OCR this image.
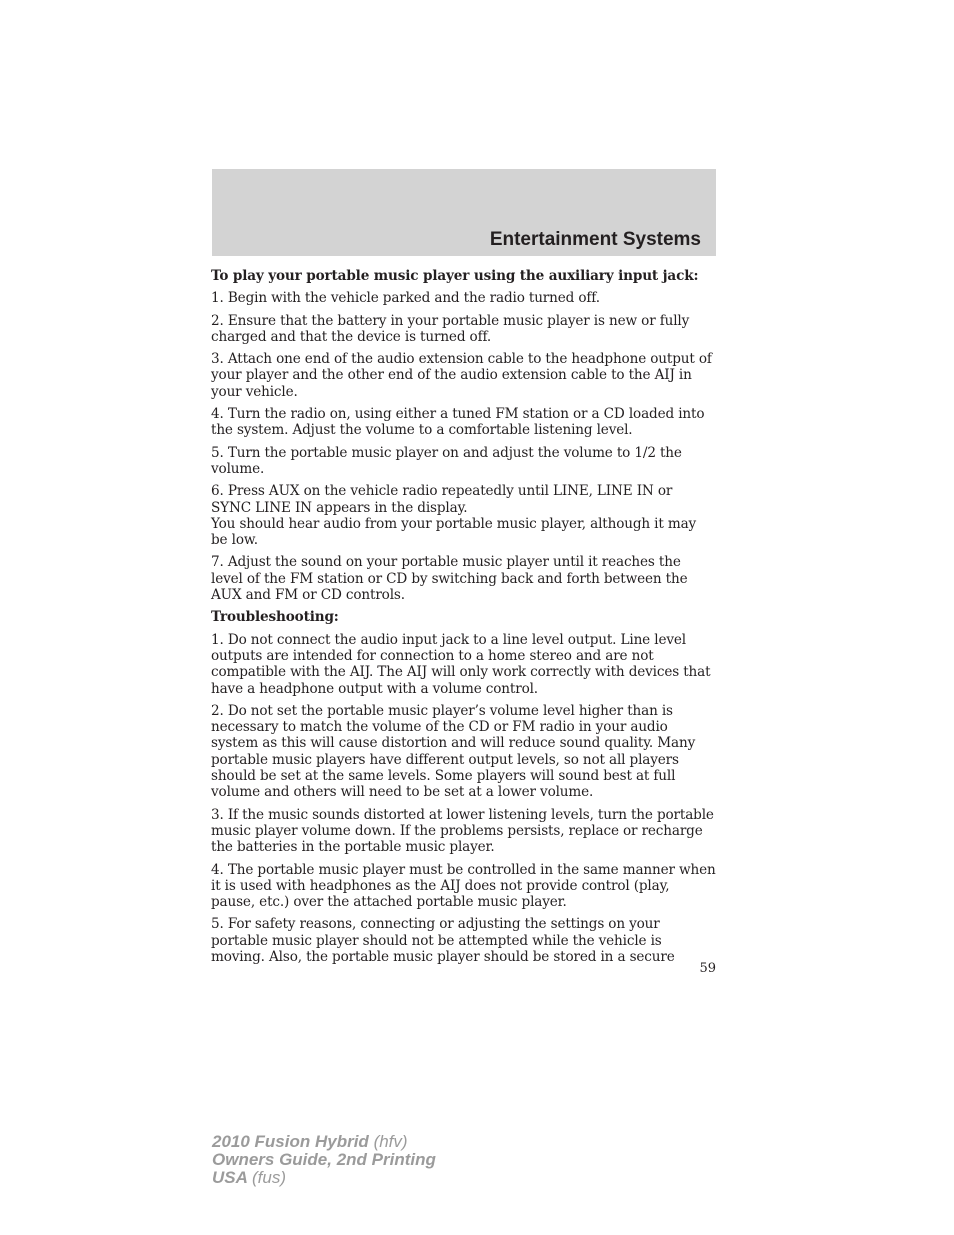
Entertainment Systems

To play your portable music player using the auxiliary input jack:

1. Begin with the vehicle parked and the radio turned off.

2. Ensure that the battery in your portable music player is new or fully charged and that the device is turned off.

3. Attach one end of the audio extension cable to the headphone output of your player and the other end of the audio extension cable to the AIJ in your vehicle.

4. Turn the radio on, using either a tuned FM station or a CD loaded into the system. Adjust the volume to a comfortable listening level.

5. Turn the portable music player on and adjust the volume to 1/2 the volume.

6. Press AUX on the vehicle radio repeatedly until LINE, LINE IN or SYNC LINE IN appears in the display.

You should hear audio from your portable music player, although it may be low.

7. Adjust the sound on your portable music player until it reaches the level of the FM station or CD by switching back and forth between the AUX and FM or CD controls.

Troubleshooting:

1. Do not connect the audio input jack to a line level output. Line level outputs are intended for connection to a home stereo and are not compatible with the AIJ. The AIJ will only work correctly with devices that have a headphone output with a volume control.

2. Do not set the portable music player’s volume level higher than is necessary to match the volume of the CD or FM radio in your audio system as this will cause distortion and will reduce sound quality. Many portable music players have different output levels, so not all players should be set at the same levels. Some players will sound best at full volume and others will need to be set at a lower volume.

3. If the music sounds distorted at lower listening levels, turn the portable music player volume down. If the problems persists, replace or recharge the batteries in the portable music player.

4. The portable music player must be controlled in the same manner when it is used with headphones as the AIJ does not provide control (play, pause, etc.) over the attached portable music player.

5. For safety reasons, connecting or adjusting the settings on your portable music player should not be attempted while the vehicle is moving. Also, the portable music player should be stored in a secure

59
2010 Fusion Hybrid (hfv)
Owners Guide, 2nd Printing
USA (fus)
